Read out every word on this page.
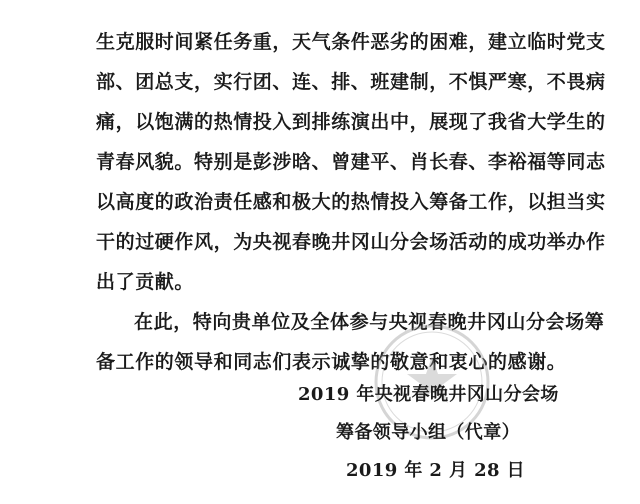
生克服时间紧任务重，天气条件恶劣的困难，建立临时党支
部、团总支，实行团、连、排、班建制，不惧严寒，不畏病
痛，以饱满的热情投入到排练演出中，展现了我省大学生的
青春风貌。特别是彭涉晗、曾建平、肖长春、李裕福等同志
以高度的政治责任感和极大的热情投入筹备工作，以担当实
干的过硬作风，为央视春晚井冈山分会场活动的成功举办作
出了贡献。
在此，特向贵单位及全体参与央视春晚井冈山分会场筹
备工作的领导和同志们表示诚挚的敬意和衷心的感谢。
2019 年央视春晚井冈山分会场
筹备领导小组（代章）
2019 年 2 月 28 日
